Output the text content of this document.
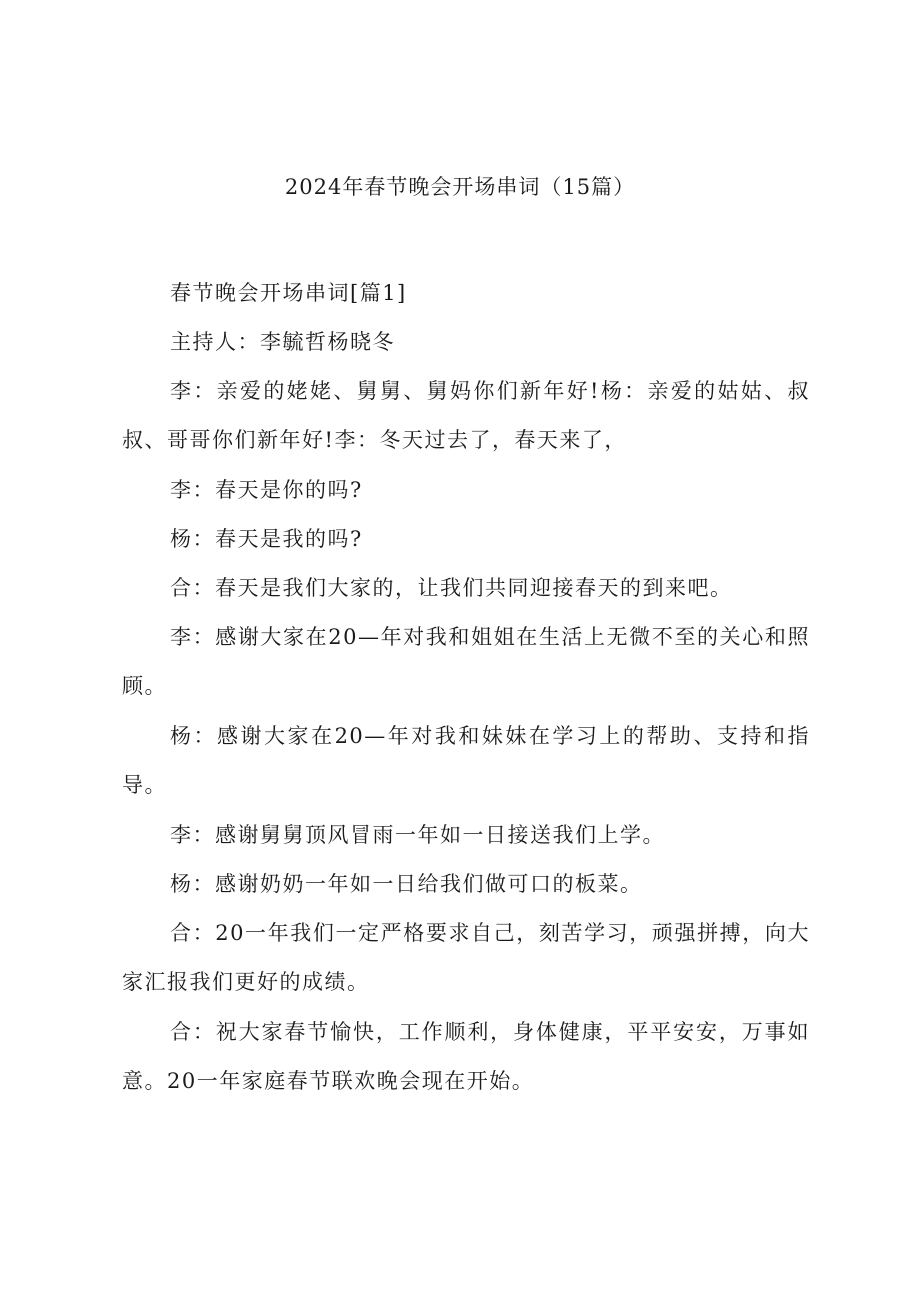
2024年春节晚会开场串词（15篇）

春节晚会开场串词[篇1]

主持人：李毓哲杨晓冬

李：亲爱的姥姥、舅舅、舅妈你们新年好!杨：亲爱的姑姑、叔叔、哥哥你们新年好!李：冬天过去了，春天来了，

李：春天是你的吗?

杨：春天是我的吗?

合：春天是我们大家的，让我们共同迎接春天的到来吧。

李：感谢大家在20—年对我和姐姐在生活上无微不至的关心和照顾。

杨：感谢大家在20—年对我和妹妹在学习上的帮助、支持和指导。

李：感谢舅舅顶风冒雨一年如一日接送我们上学。

杨：感谢奶奶一年如一日给我们做可口的板菜。

合：20一年我们一定严格要求自己，刻苦学习，顽强拼搏，向大家汇报我们更好的成绩。

合：祝大家春节愉快，工作顺利，身体健康，平平安安，万事如意。20一年家庭春节联欢晚会现在开始。
